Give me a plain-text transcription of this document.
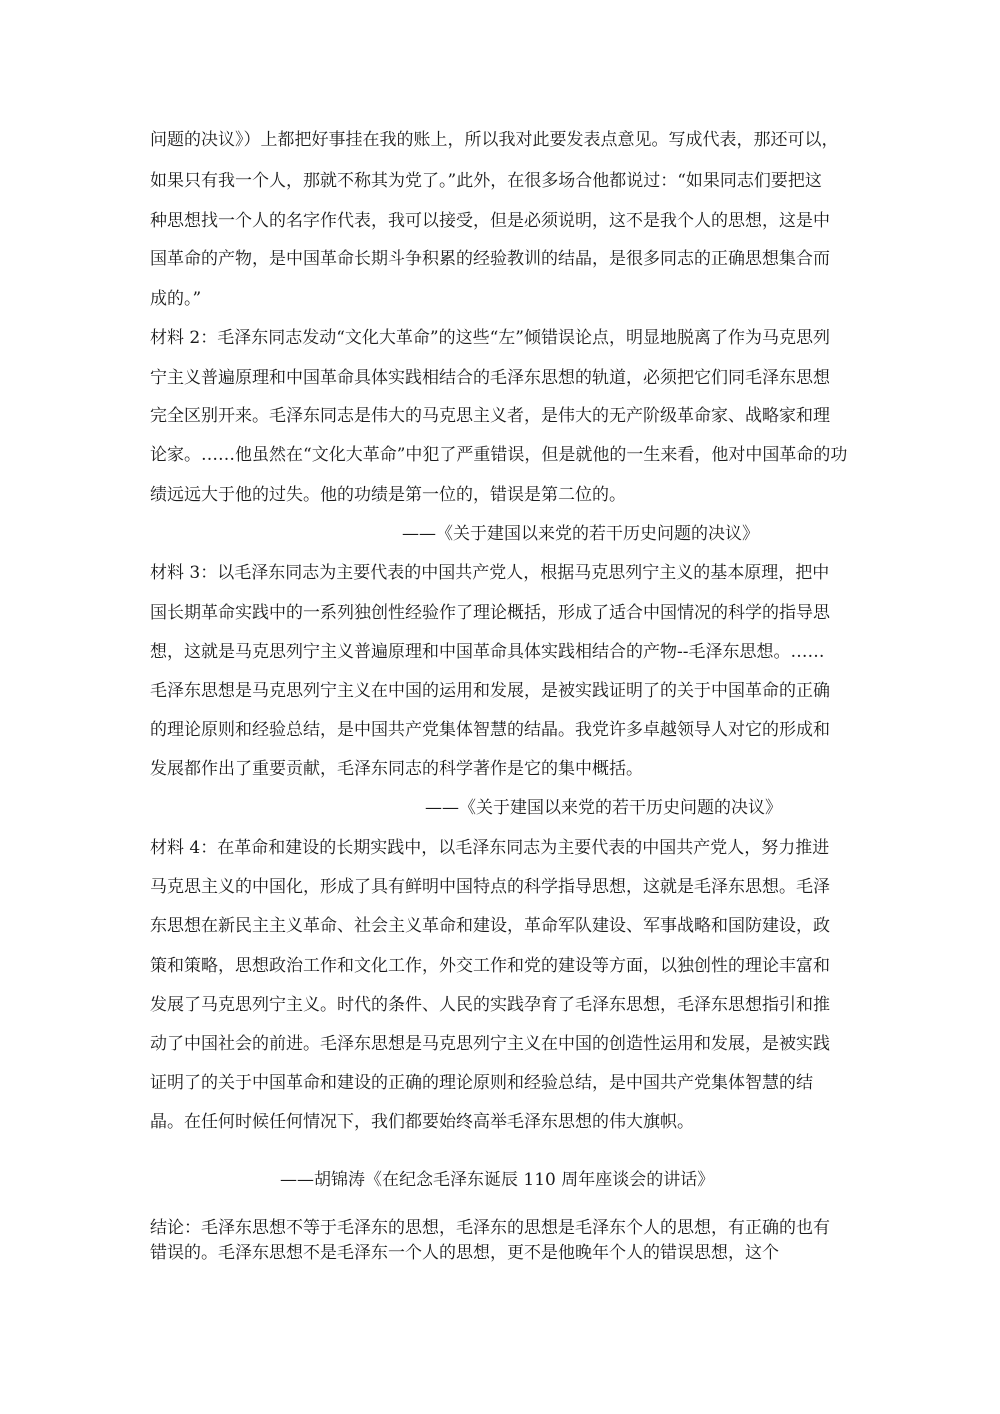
问题的决议》）上都把好事挂在我的账上，所以我对此要发表点意见。写成代表，那还可以，
如果只有我一个人，那就不称其为党了。”此外，在很多场合他都说过：“如果同志们要把这
种思想找一个人的名字作代表，我可以接受，但是必须说明，这不是我个人的思想，这是中
国革命的产物，是中国革命长期斗争积累的经验教训的结晶，是很多同志的正确思想集合而
成的。”
材料 2：毛泽东同志发动“文化大革命”的这些“左”倾错误论点，明显地脱离了作为马克思列
宁主义普遍原理和中国革命具体实践相结合的毛泽东思想的轨道，必须把它们同毛泽东思想
完全区别开来。毛泽东同志是伟大的马克思主义者，是伟大的无产阶级革命家、战略家和理
论家。……他虽然在“文化大革命”中犯了严重错误，但是就他的一生来看，他对中国革命的功
绩远远大于他的过失。他的功绩是第一位的，错误是第二位的。
——《关于建国以来党的若干历史问题的决议》
材料 3：以毛泽东同志为主要代表的中国共产党人，根据马克思列宁主义的基本原理，把中
国长期革命实践中的一系列独创性经验作了理论概括，形成了适合中国情况的科学的指导思
想，这就是马克思列宁主义普遍原理和中国革命具体实践相结合的产物--毛泽东思想。……
毛泽东思想是马克思列宁主义在中国的运用和发展，是被实践证明了的关于中国革命的正确
的理论原则和经验总结，是中国共产党集体智慧的结晶。我党许多卓越领导人对它的形成和
发展都作出了重要贡献，毛泽东同志的科学著作是它的集中概括。
——《关于建国以来党的若干历史问题的决议》
材料 4：在革命和建设的长期实践中，以毛泽东同志为主要代表的中国共产党人，努力推进
马克思主义的中国化，形成了具有鲜明中国特点的科学指导思想，这就是毛泽东思想。毛泽
东思想在新民主主义革命、社会主义革命和建设，革命军队建设、军事战略和国防建设，政
策和策略，思想政治工作和文化工作，外交工作和党的建设等方面，以独创性的理论丰富和
发展了马克思列宁主义。时代的条件、人民的实践孕育了毛泽东思想，毛泽东思想指引和推
动了中国社会的前进。毛泽东思想是马克思列宁主义在中国的创造性运用和发展，是被实践
证明了的关于中国革命和建设的正确的理论原则和经验总结，是中国共产党集体智慧的结
晶。在任何时候任何情况下，我们都要始终高举毛泽东思想的伟大旗帜。
——胡锦涛《在纪念毛泽东诞辰 110 周年座谈会的讲话》
结论：毛泽东思想不等于毛泽东的思想，毛泽东的思想是毛泽东个人的思想，有正确的也有
错误的。毛泽东思想不是毛泽东一个人的思想，更不是他晚年个人的错误思想，这个
